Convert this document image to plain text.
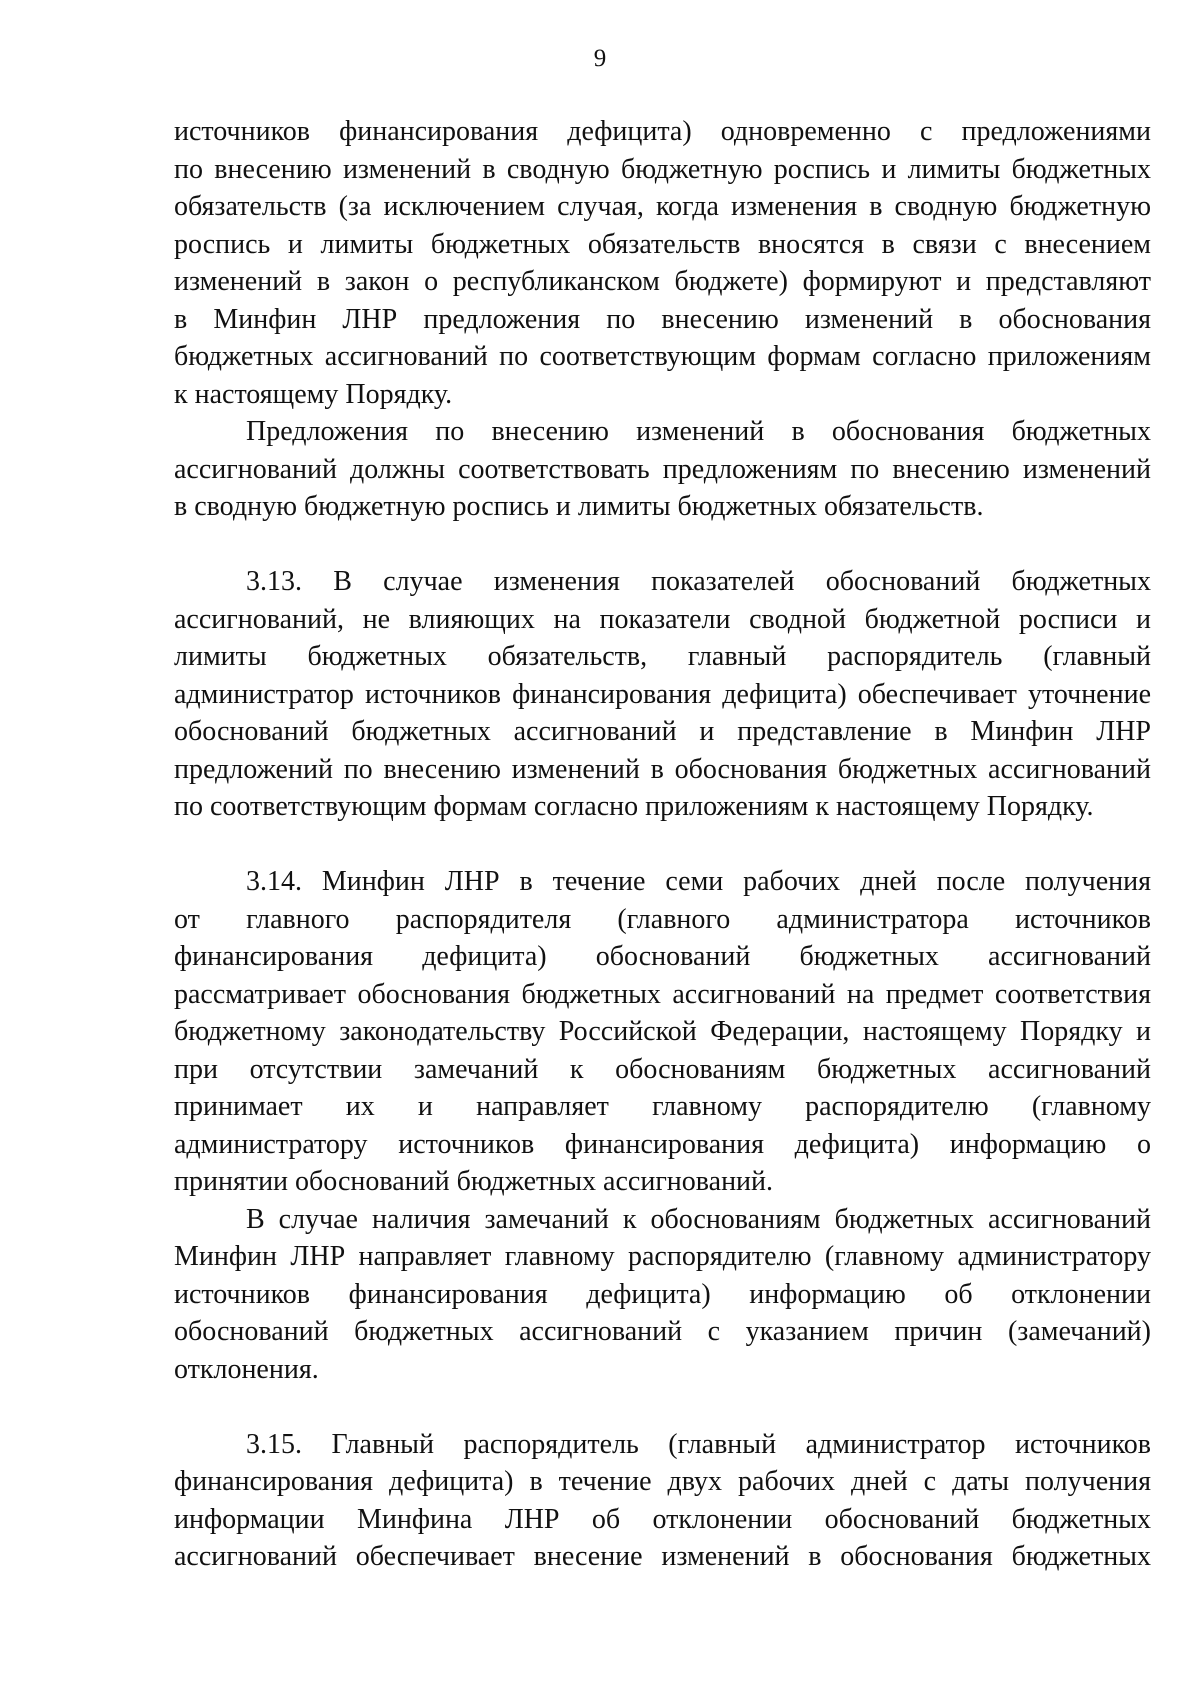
9
источников финансирования дефицита) одновременно с предложениями
по внесению изменений в сводную бюджетную роспись и лимиты бюджетных
обязательств (за исключением случая, когда изменения в сводную бюджетную
роспись и лимиты бюджетных обязательств вносятся в связи с внесением
изменений в закон о республиканском бюджете) формируют и представляют
в Минфин ЛНР предложения по внесению изменений в обоснования
бюджетных ассигнований по соответствующим формам согласно приложениям
к настоящему Порядку.
Предложения по внесению изменений в обоснования бюджетных
ассигнований должны соответствовать предложениям по внесению изменений
в сводную бюджетную роспись и лимиты бюджетных обязательств.
3.13. В случае изменения показателей обоснований бюджетных
ассигнований, не влияющих на показатели сводной бюджетной росписи и
лимиты бюджетных обязательств, главный распорядитель (главный
администратор источников финансирования дефицита) обеспечивает уточнение
обоснований бюджетных ассигнований и представление в Минфин ЛНР
предложений по внесению изменений в обоснования бюджетных ассигнований
по соответствующим формам согласно приложениям к настоящему Порядку.
3.14. Минфин ЛНР в течение семи рабочих дней после получения
от главного распорядителя (главного администратора источников
финансирования дефицита) обоснований бюджетных ассигнований
рассматривает обоснования бюджетных ассигнований на предмет соответствия
бюджетному законодательству Российской Федерации, настоящему Порядку и
при отсутствии замечаний к обоснованиям бюджетных ассигнований
принимает их и направляет главному распорядителю (главному
администратору источников финансирования дефицита) информацию о
принятии обоснований бюджетных ассигнований.
В случае наличия замечаний к обоснованиям бюджетных ассигнований
Минфин ЛНР направляет главному распорядителю (главному администратору
источников финансирования дефицита) информацию об отклонении
обоснований бюджетных ассигнований с указанием причин (замечаний)
отклонения.
3.15. Главный распорядитель (главный администратор источников
финансирования дефицита) в течение двух рабочих дней с даты получения
информации Минфина ЛНР об отклонении обоснований бюджетных
ассигнований обеспечивает внесение изменений в обоснования бюджетных
